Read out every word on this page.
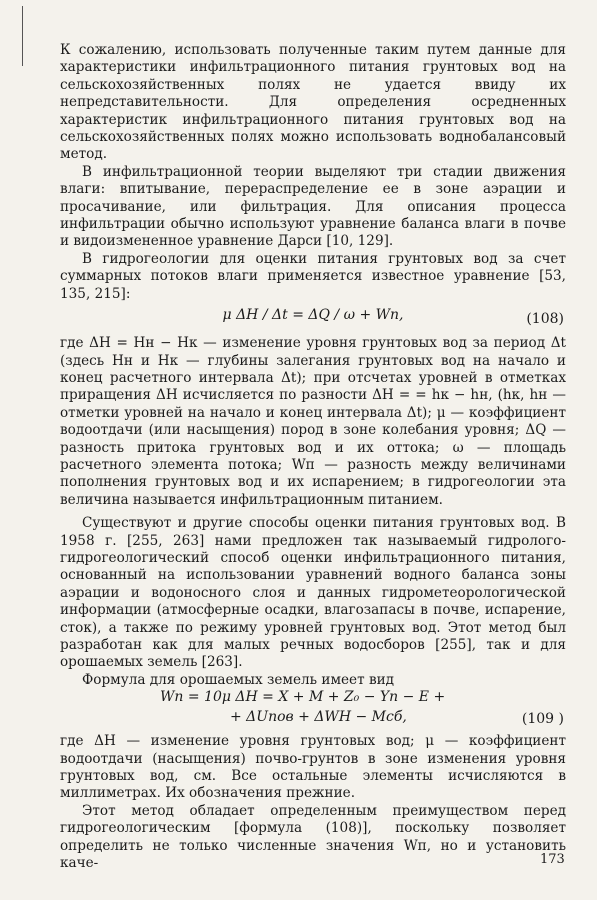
К сожалению, использовать полученные таким путем данные для характеристики инфильтрационного питания грунтовых вод на сельскохозяйственных полях не удается ввиду их непредставительности. Для определения осредненных характеристик инфильтрационного питания грунтовых вод на сельскохозяйственных полях можно использовать воднобалансовый метод.

В инфильтрационной теории выделяют три стадии движения влаги: впитывание, перераспределение ее в зоне аэрации и просачивание, или фильтрация. Для описания процесса инфильтрации обычно используют уравнение баланса влаги в почве и видоизмененное уравнение Дарси [10, 129].

В гидрогеологии для оценки питания грунтовых вод за счет суммарных потоков влаги применяется известное уравнение [53, 135, 215]:

μ ΔH / Δt = ΔQ / ω + Wп,	(108)

где ΔH = Hн − Hк — изменение уровня грунтовых вод за период Δt (здесь Hн и Hк — глубины залегания грунтовых вод на начало и конец расчетного интервала Δt); при отсчетах уровней в отметках приращения ΔH исчисляется по разности ΔH = = hк − hн, (hк, hн — отметки уровней на начало и конец интервала Δt); μ — коэффициент водоотдачи (или насыщения) пород в зоне колебания уровня; ΔQ — разность притока грунтовых вод и их оттока; ω — площадь расчетного элемента потока; Wп — разность между величинами пополнения грунтовых вод и их испарением; в гидрогеологии эта величина называется инфильтрационным питанием.

Существуют и другие способы оценки питания грунтовых вод. В 1958 г. [255, 263] нами предложен так называемый гидролого-гидрогеологический способ оценки инфильтрационного питания, основанный на использовании уравнений водного баланса зоны аэрации и водоносного слоя и данных гидрометеорологической информации (атмосферные осадки, влагозапасы в почве, испарение, сток), а также по режиму уровней грунтовых вод. Этот метод был разработан как для малых речных водосборов [255], так и для орошаемых земель [263].

Формула для орошаемых земель имеет вид

Wп = 10μ ΔH = X + M + Z₀ − Yп − E +
+ ΔUпов + ΔWH − Mсб,	(109 )

где ΔH — изменение уровня грунтовых вод; μ — коэффициент водоотдачи (насыщения) почво-грунтов в зоне изменения уровня грунтовых вод, см. Все остальные элементы исчисляются в миллиметрах. Их обозначения прежние.

Этот метод обладает определенным преимуществом перед гидрогеологическим [формула (108)], поскольку позволяет определить не только численные значения Wп, но и установить каче-	173
